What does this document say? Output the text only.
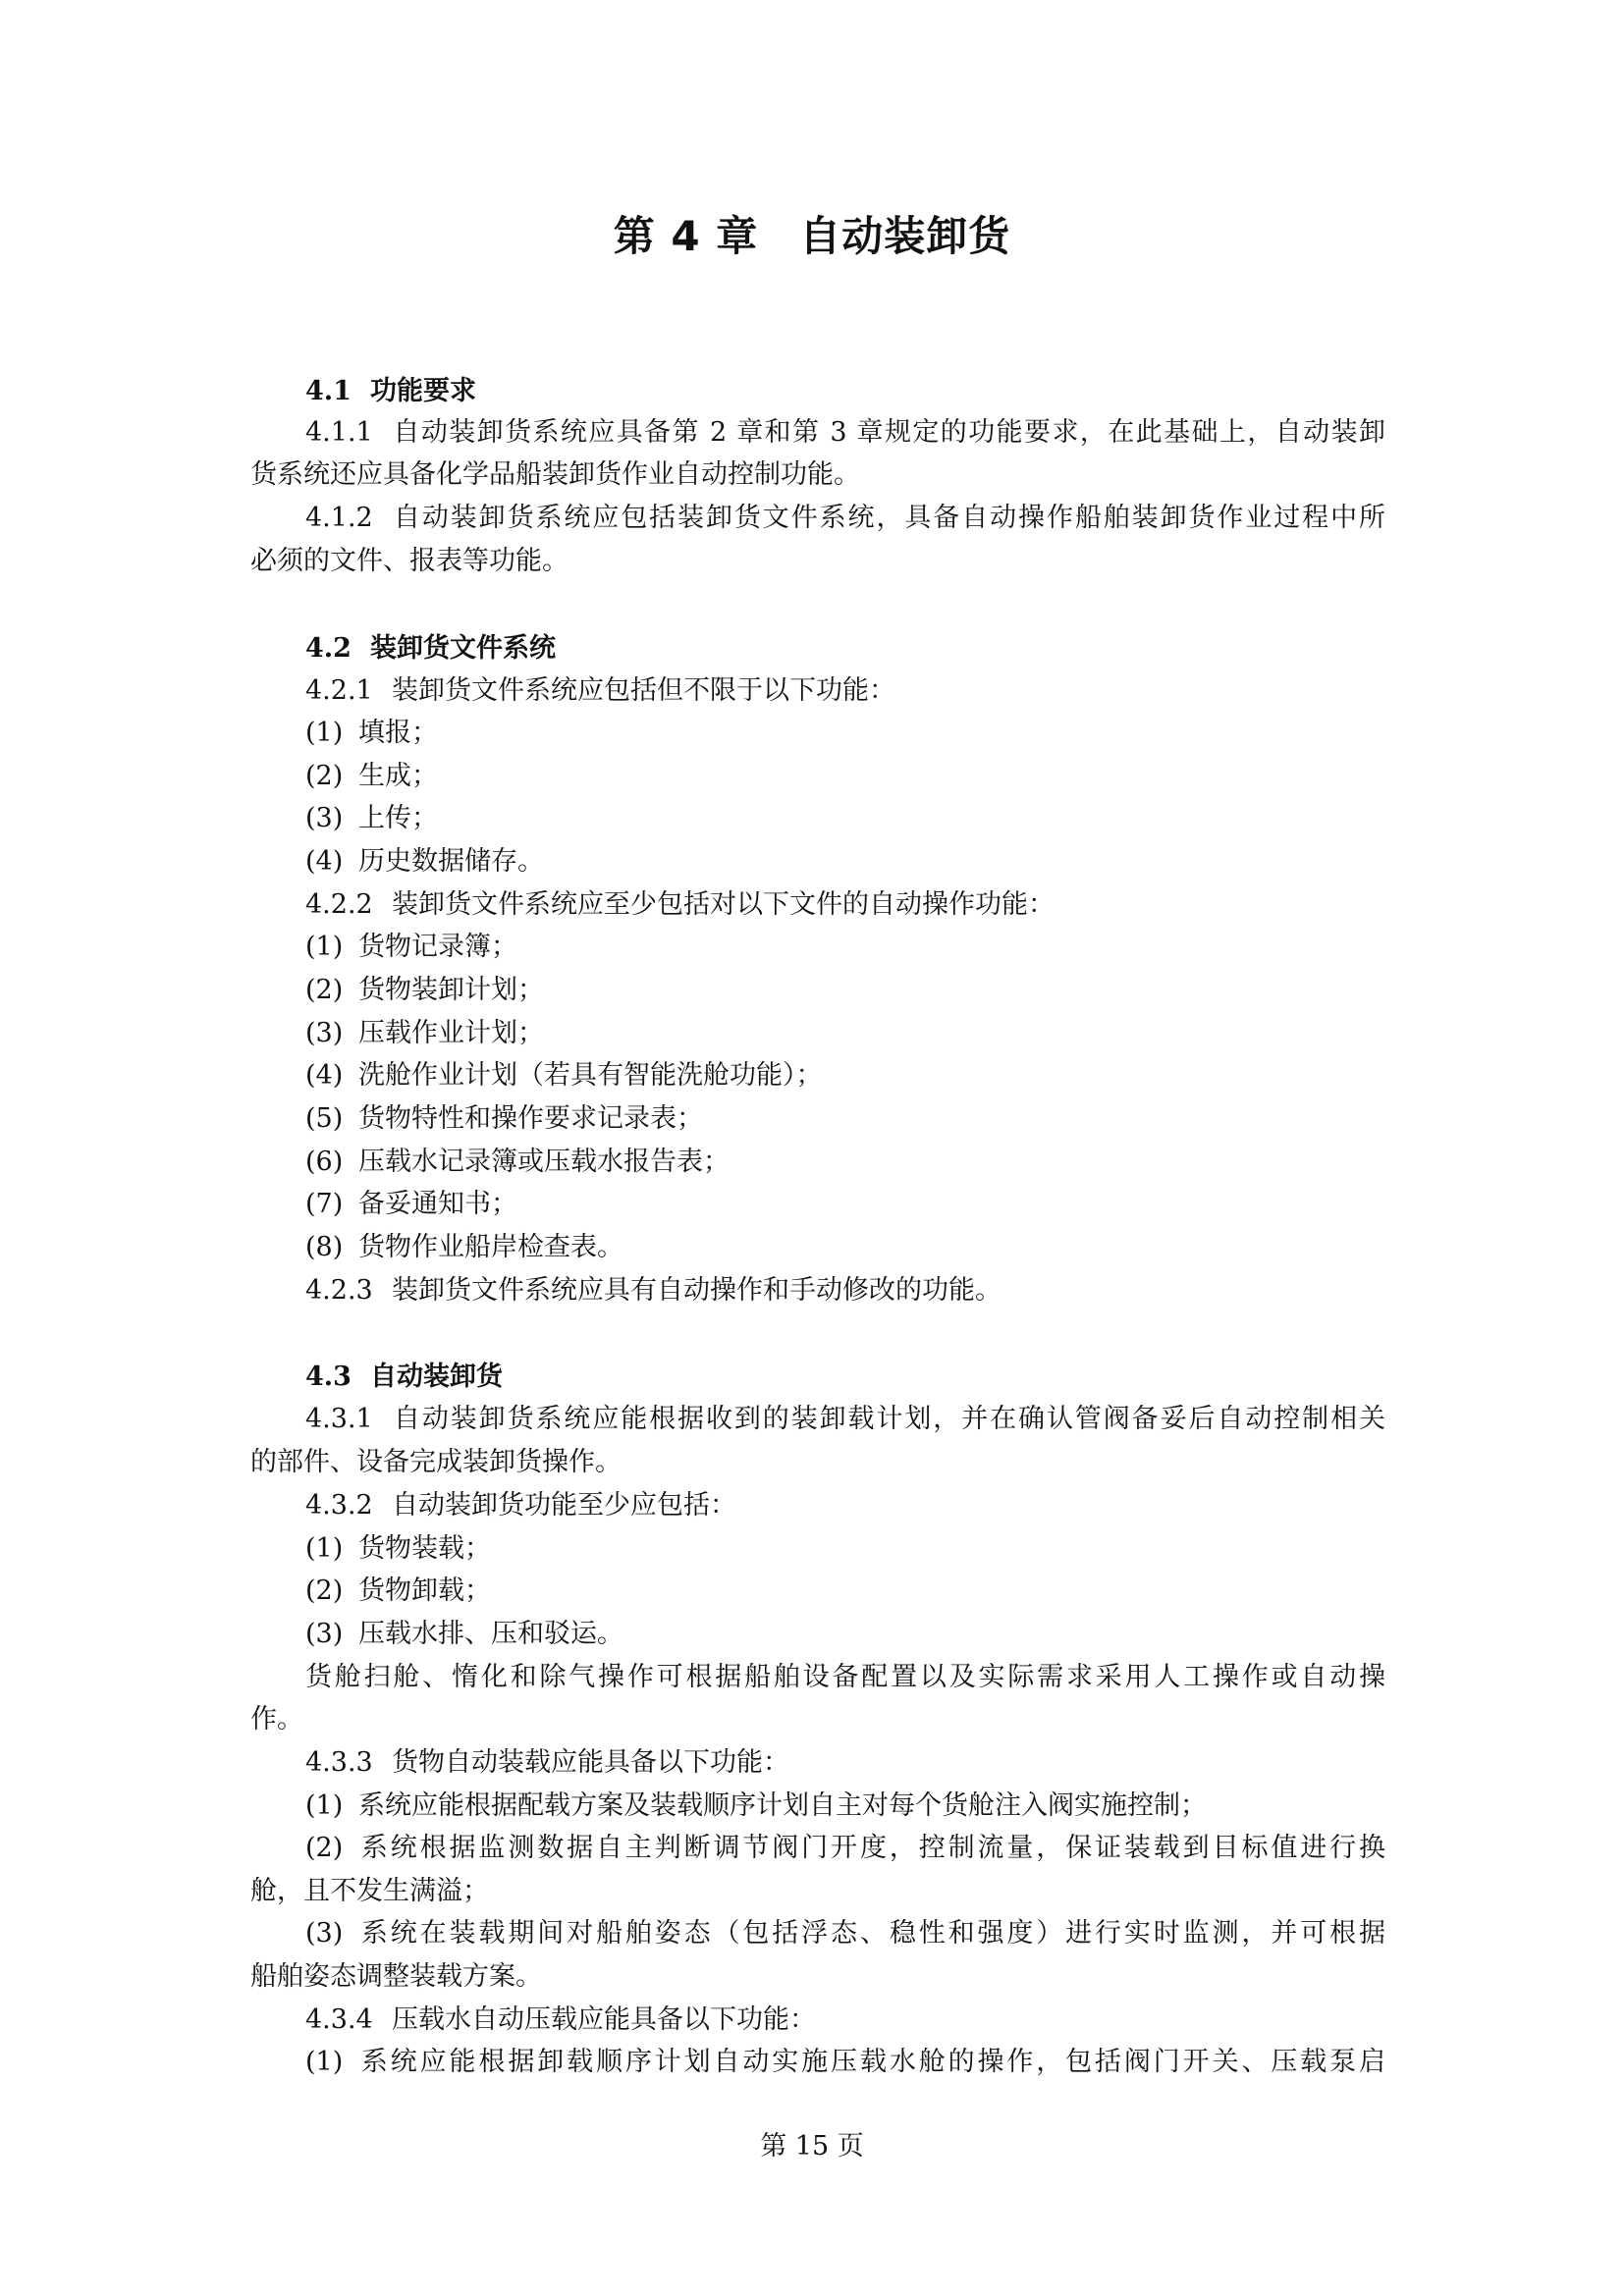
第 4 章 自动装卸货
4.1 功能要求
4.1.1 自动装卸货系统应具备第 2 章和第 3 章规定的功能要求，在此基础上，自动装卸
货系统还应具备化学品船装卸货作业自动控制功能。
4.1.2 自动装卸货系统应包括装卸货文件系统，具备自动操作船舶装卸货作业过程中所
必须的文件、报表等功能。
4.2 装卸货文件系统
4.2.1 装卸货文件系统应包括但不限于以下功能：
(1) 填报；
(2) 生成；
(3) 上传；
(4) 历史数据储存。
4.2.2 装卸货文件系统应至少包括对以下文件的自动操作功能：
(1) 货物记录簿；
(2) 货物装卸计划；
(3) 压载作业计划；
(4) 洗舱作业计划（若具有智能洗舱功能）；
(5) 货物特性和操作要求记录表；
(6) 压载水记录簿或压载水报告表；
(7) 备妥通知书；
(8) 货物作业船岸检查表。
4.2.3 装卸货文件系统应具有自动操作和手动修改的功能。
4.3 自动装卸货
4.3.1 自动装卸货系统应能根据收到的装卸载计划，并在确认管阀备妥后自动控制相关
的部件、设备完成装卸货操作。
4.3.2 自动装卸货功能至少应包括：
(1) 货物装载；
(2) 货物卸载；
(3) 压载水排、压和驳运。
货舱扫舱、惰化和除气操作可根据船舶设备配置以及实际需求采用人工操作或自动操
作。
4.3.3 货物自动装载应能具备以下功能：
(1) 系统应能根据配载方案及装载顺序计划自主对每个货舱注入阀实施控制；
(2) 系统根据监测数据自主判断调节阀门开度，控制流量，保证装载到目标值进行换
舱，且不发生满溢；
(3) 系统在装载期间对船舶姿态（包括浮态、稳性和强度）进行实时监测，并可根据
船舶姿态调整装载方案。
4.3.4 压载水自动压载应能具备以下功能：
(1) 系统应能根据卸载顺序计划自动实施压载水舱的操作，包括阀门开关、压载泵启
第 15 页
